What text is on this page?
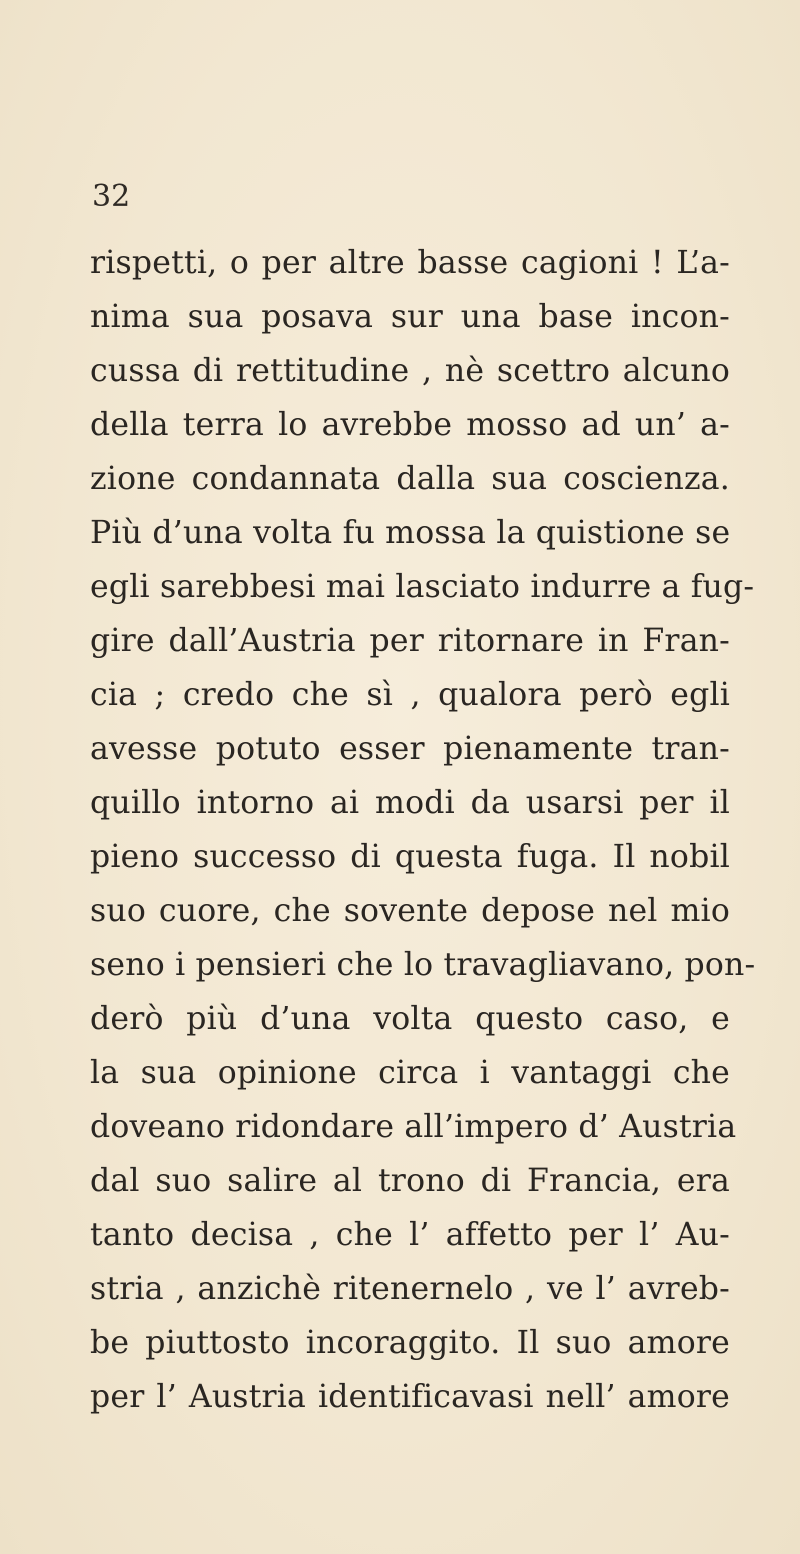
32
rispetti, o per altre basse cagioni ! L’a-
nima sua posava sur una base incon-
cussa di rettitudine , nè scettro alcuno
della terra lo avrebbe mosso ad un’ a-
zione condannata dalla sua coscienza.
Più d’una volta fu mossa la quistione se
egli sarebbesi mai lasciato indurre a fug-
gire dall’Austria per ritornare in Fran-
cia ; credo che sì , qualora però egli
avesse potuto esser pienamente tran-
quillo intorno ai modi da usarsi per il
pieno successo di questa fuga. Il nobil
suo cuore, che sovente depose nel mio
seno i pensieri che lo travagliavano, pon-
derò più d’una volta questo caso, e
la sua opinione circa i vantaggi che
doveano ridondare all’impero d’ Austria
dal suo salire al trono di Francia, era
tanto decisa , che l’ affetto per l’ Au-
stria , anzichè ritenernelo , ve l’ avreb-
be piuttosto incoraggito. Il suo amore
per l’ Austria identificavasi nell’ amore
